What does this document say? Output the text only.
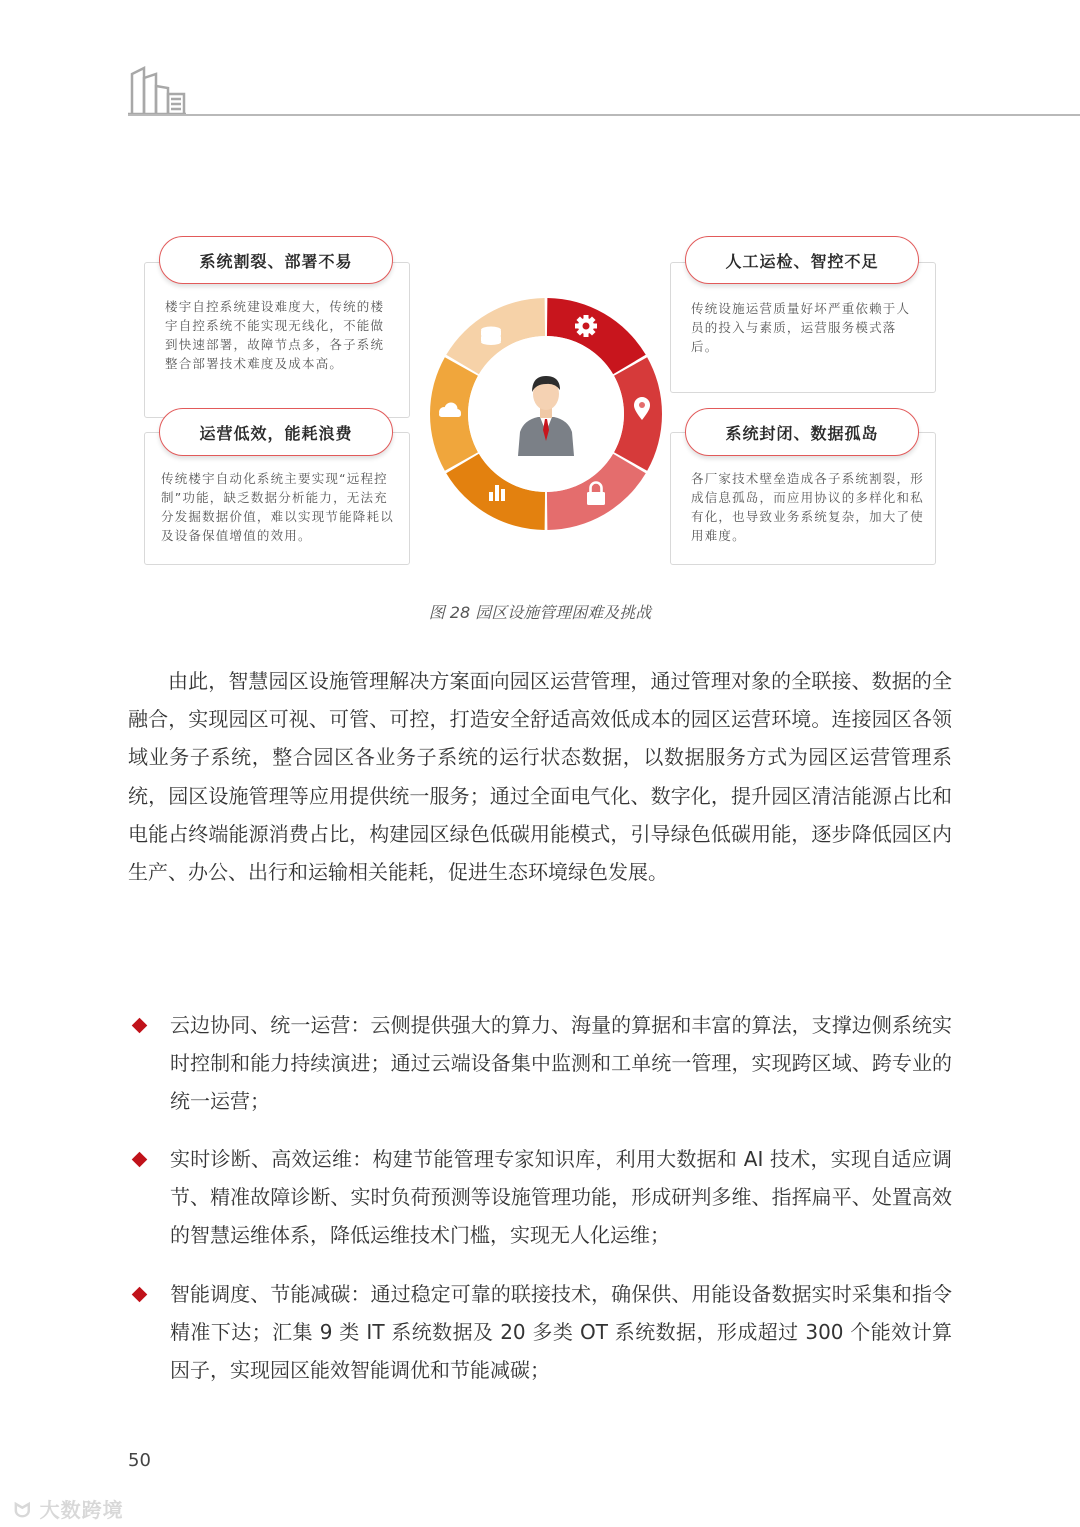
楼宇自控系统建设难度大，传统的楼宇自控系统不能实现无线化，不能做到快速部署，故障节点多，各子系统整合部署技术难度及成本高。
系统割裂、部署不易
传统设施运营质量好坏严重依赖于人员的投入与素质，运营服务模式落后。
人工运检、智控不足
传统楼宇自动化系统主要实现“远程控制”功能，缺乏数据分析能力，无法充分发掘数据价值，难以实现节能降耗以及设备保值增值的效用。
运营低效，能耗浪费
各厂家技术壁垒造成各子系统割裂，形成信息孤岛，而应用协议的多样化和私有化，也导致业务系统复杂，加大了使用难度。
系统封闭、数据孤岛
图 28 园区设施管理困难及挑战
由此，智慧园区设施管理解决方案面向园区运营管理，通过管理对象的全联接、数据的全融合，实现园区可视、可管、可控，打造安全舒适高效低成本的园区运营环境。连接园区各领域业务子系统，整合园区各业务子系统的运行状态数据，以数据服务方式为园区运营管理系统，园区设施管理等应用提供统一服务；通过全面电气化、数字化，提升园区清洁能源占比和电能占终端能源消费占比，构建园区绿色低碳用能模式，引导绿色低碳用能，逐步降低园区内生产、办公、出行和运输相关能耗，促进生态环境绿色发展。
云边协同、统一运营：云侧提供强大的算力、海量的算据和丰富的算法，支撑边侧系统实时控制和能力持续演进；通过云端设备集中监测和工单统一管理，实现跨区域、跨专业的统一运营；
实时诊断、高效运维：构建节能管理专家知识库，利用大数据和 AI 技术，实现自适应调节、精准故障诊断、实时负荷预测等设施管理功能，形成研判多维、指挥扁平、处置高效的智慧运维体系，降低运维技术门槛，实现无人化运维；
智能调度、节能减碳：通过稳定可靠的联接技术，确保供、用能设备数据实时采集和指令精准下达；汇集 9 类 IT 系统数据及 20 多类 OT 系统数据，形成超过 300 个能效计算因子，实现园区能效智能调优和节能减碳；
50
ᗢ 大数跨境
